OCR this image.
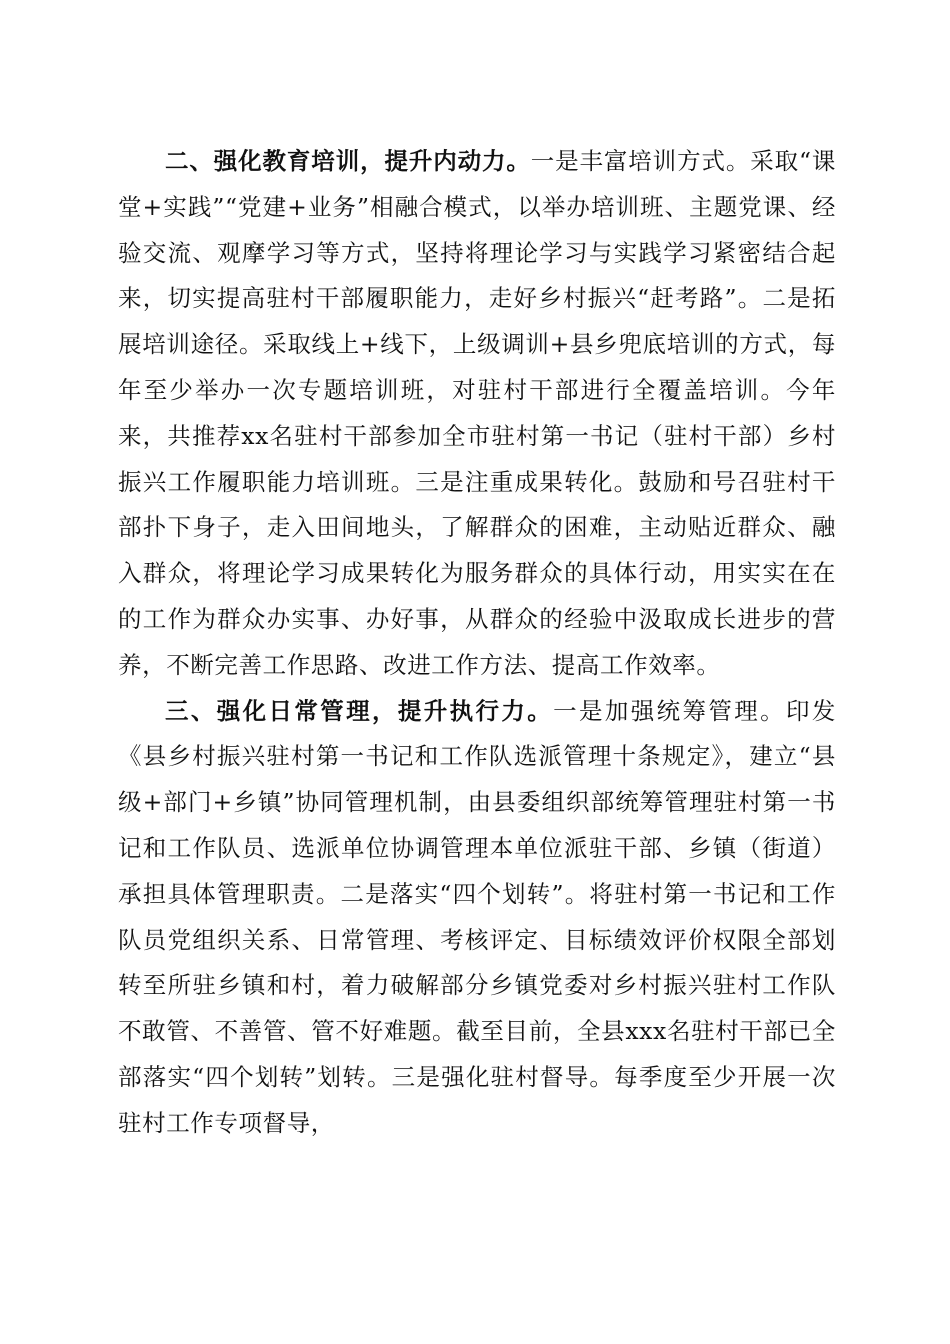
二、强化教育培训，提升内动力。一是丰富培训方式。采取“课堂+实践”“党建+业务”相融合模式，以举办培训班、主题党课、经验交流、观摩学习等方式，坚持将理论学习与实践学习紧密结合起来，切实提高驻村干部履职能力，走好乡村振兴“赶考路”。二是拓展培训途径。采取线上+线下，上级调训+县乡兜底培训的方式，每年至少举办一次专题培训班，对驻村干部进行全覆盖培训。今年来，共推荐xx名驻村干部参加全市驻村第一书记（驻村干部）乡村振兴工作履职能力培训班。三是注重成果转化。鼓励和号召驻村干部扑下身子，走入田间地头，了解群众的困难，主动贴近群众、融入群众，将理论学习成果转化为服务群众的具体行动，用实实在在的工作为群众办实事、办好事，从群众的经验中汲取成长进步的营养，不断完善工作思路、改进工作方法、提高工作效率。

三、强化日常管理，提升执行力。一是加强统筹管理。印发《县乡村振兴驻村第一书记和工作队选派管理十条规定》，建立“县级+部门+乡镇”协同管理机制，由县委组织部统筹管理驻村第一书记和工作队员、选派单位协调管理本单位派驻干部、乡镇（街道）承担具体管理职责。二是落实“四个划转”。将驻村第一书记和工作队员党组织关系、日常管理、考核评定、目标绩效评价权限全部划转至所驻乡镇和村，着力破解部分乡镇党委对乡村振兴驻村工作队不敢管、不善管、管不好难题。截至目前，全县xxx名驻村干部已全部落实“四个划转”划转。三是强化驻村督导。每季度至少开展一次驻村工作专项督导，
